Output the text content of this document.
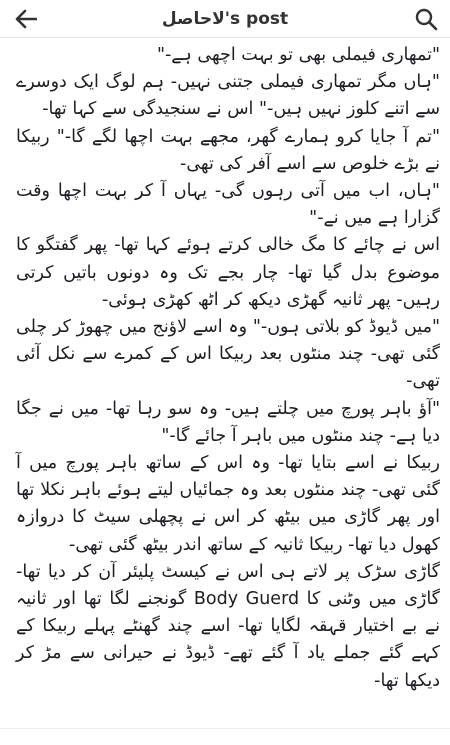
لاحاصل's post

"تمھاری فیملی بھی تو بہت اچھی ہے-"

"ہاں مگر تمھاری فیملی جتنی نہیں- ہم لوگ ایک دوسرے سے اتنے کلوز نہیں ہیں-" اس نے سنجیدگی سے کہا تھا-

"تم آ جایا کرو ہمارے گھر، مجھے بہت اچھا لگے گا-" ربیکا نے بڑے خلوص سے اسے آفر کی تھی-

"ہاں، اب میں آتی رہوں گی- یہاں آ کر بہت اچھا وقت گزارا ہے میں نے-"

اس نے چائے کا مگ خالی کرتے ہوئے کہا تھا- پھر گفتگو کا موضوع بدل گیا تھا- چار بجے تک وہ دونوں باتیں کرتی رہیں- پھر ثانیہ گھڑی دیکھ کر اٹھ کھڑی ہوئی-

"میں ڈیوڈ کو بلاتی ہوں-" وہ اسے لاؤنج میں چھوڑ کر چلی گئی تھی- چند منٹوں بعد ربیکا اس کے کمرے سے نکل آئی تھی-

"آؤ باہر پورچ میں چلتے ہیں- وہ سو رہا تھا- میں نے جگا دیا ہے- چند منٹوں میں باہر آ جائے گا-"

ربیکا نے اسے بتایا تھا- وہ اس کے ساتھ باہر پورچ میں آ گئی تھی- چند منٹوں بعد وہ جمائیاں لیتے ہوئے باہر نکلا تھا اور پھر گاڑی میں بیٹھ کر اس نے پچھلی سیٹ کا دروازہ کھول دیا تھا- ربیکا ثانیہ کے ساتھ اندر بیٹھ گئی تھی-

گاڑی سڑک پر لاتے ہی اس نے کیسٹ پلیئر آن کر دیا تھا- گاڑی میں وٹنی کا Body Guerd گونجنے لگا تھا اور ثانیہ نے بے اختیار قہقہ لگایا تھا- اسے چند گھنٹے پہلے ربیکا کے کہے گئے جملے یاد آ گئے تھے- ڈیوڈ نے حیرانی سے مڑ کر دیکھا تھا-
